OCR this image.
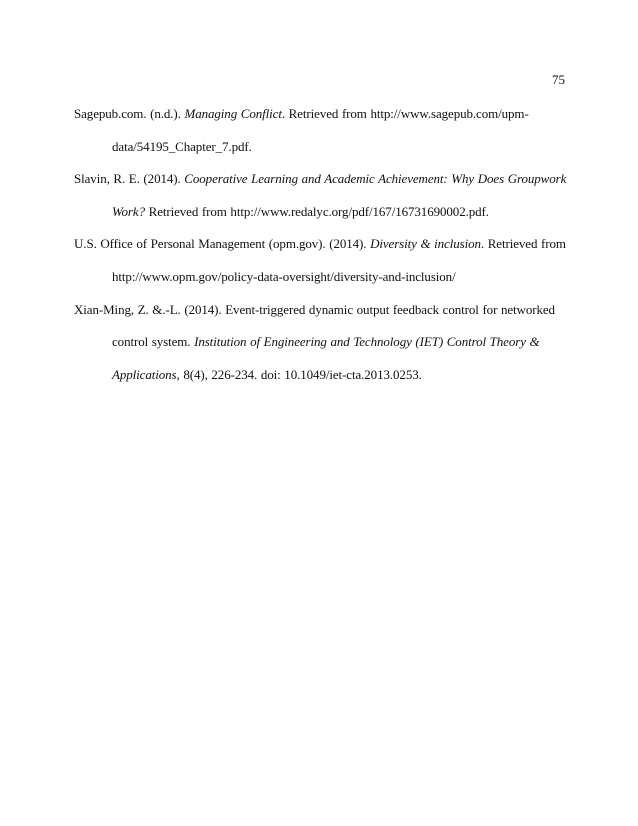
75

Sagepub.com. (n.d.). Managing Conflict. Retrieved from http://www.sagepub.com/upm-data/54195_Chapter_7.pdf.

Slavin, R. E. (2014). Cooperative Learning and Academic Achievement: Why Does Groupwork Work? Retrieved from http://www.redalyc.org/pdf/167/16731690002.pdf.

U.S. Office of Personal Management (opm.gov). (2014). Diversity & inclusion. Retrieved from http://www.opm.gov/policy-data-oversight/diversity-and-inclusion/

Xian-Ming, Z. &.-L. (2014). Event-triggered dynamic output feedback control for networked control system. Institution of Engineering and Technology (IET) Control Theory & Applications, 8(4), 226-234. doi: 10.1049/iet-cta.2013.0253.
